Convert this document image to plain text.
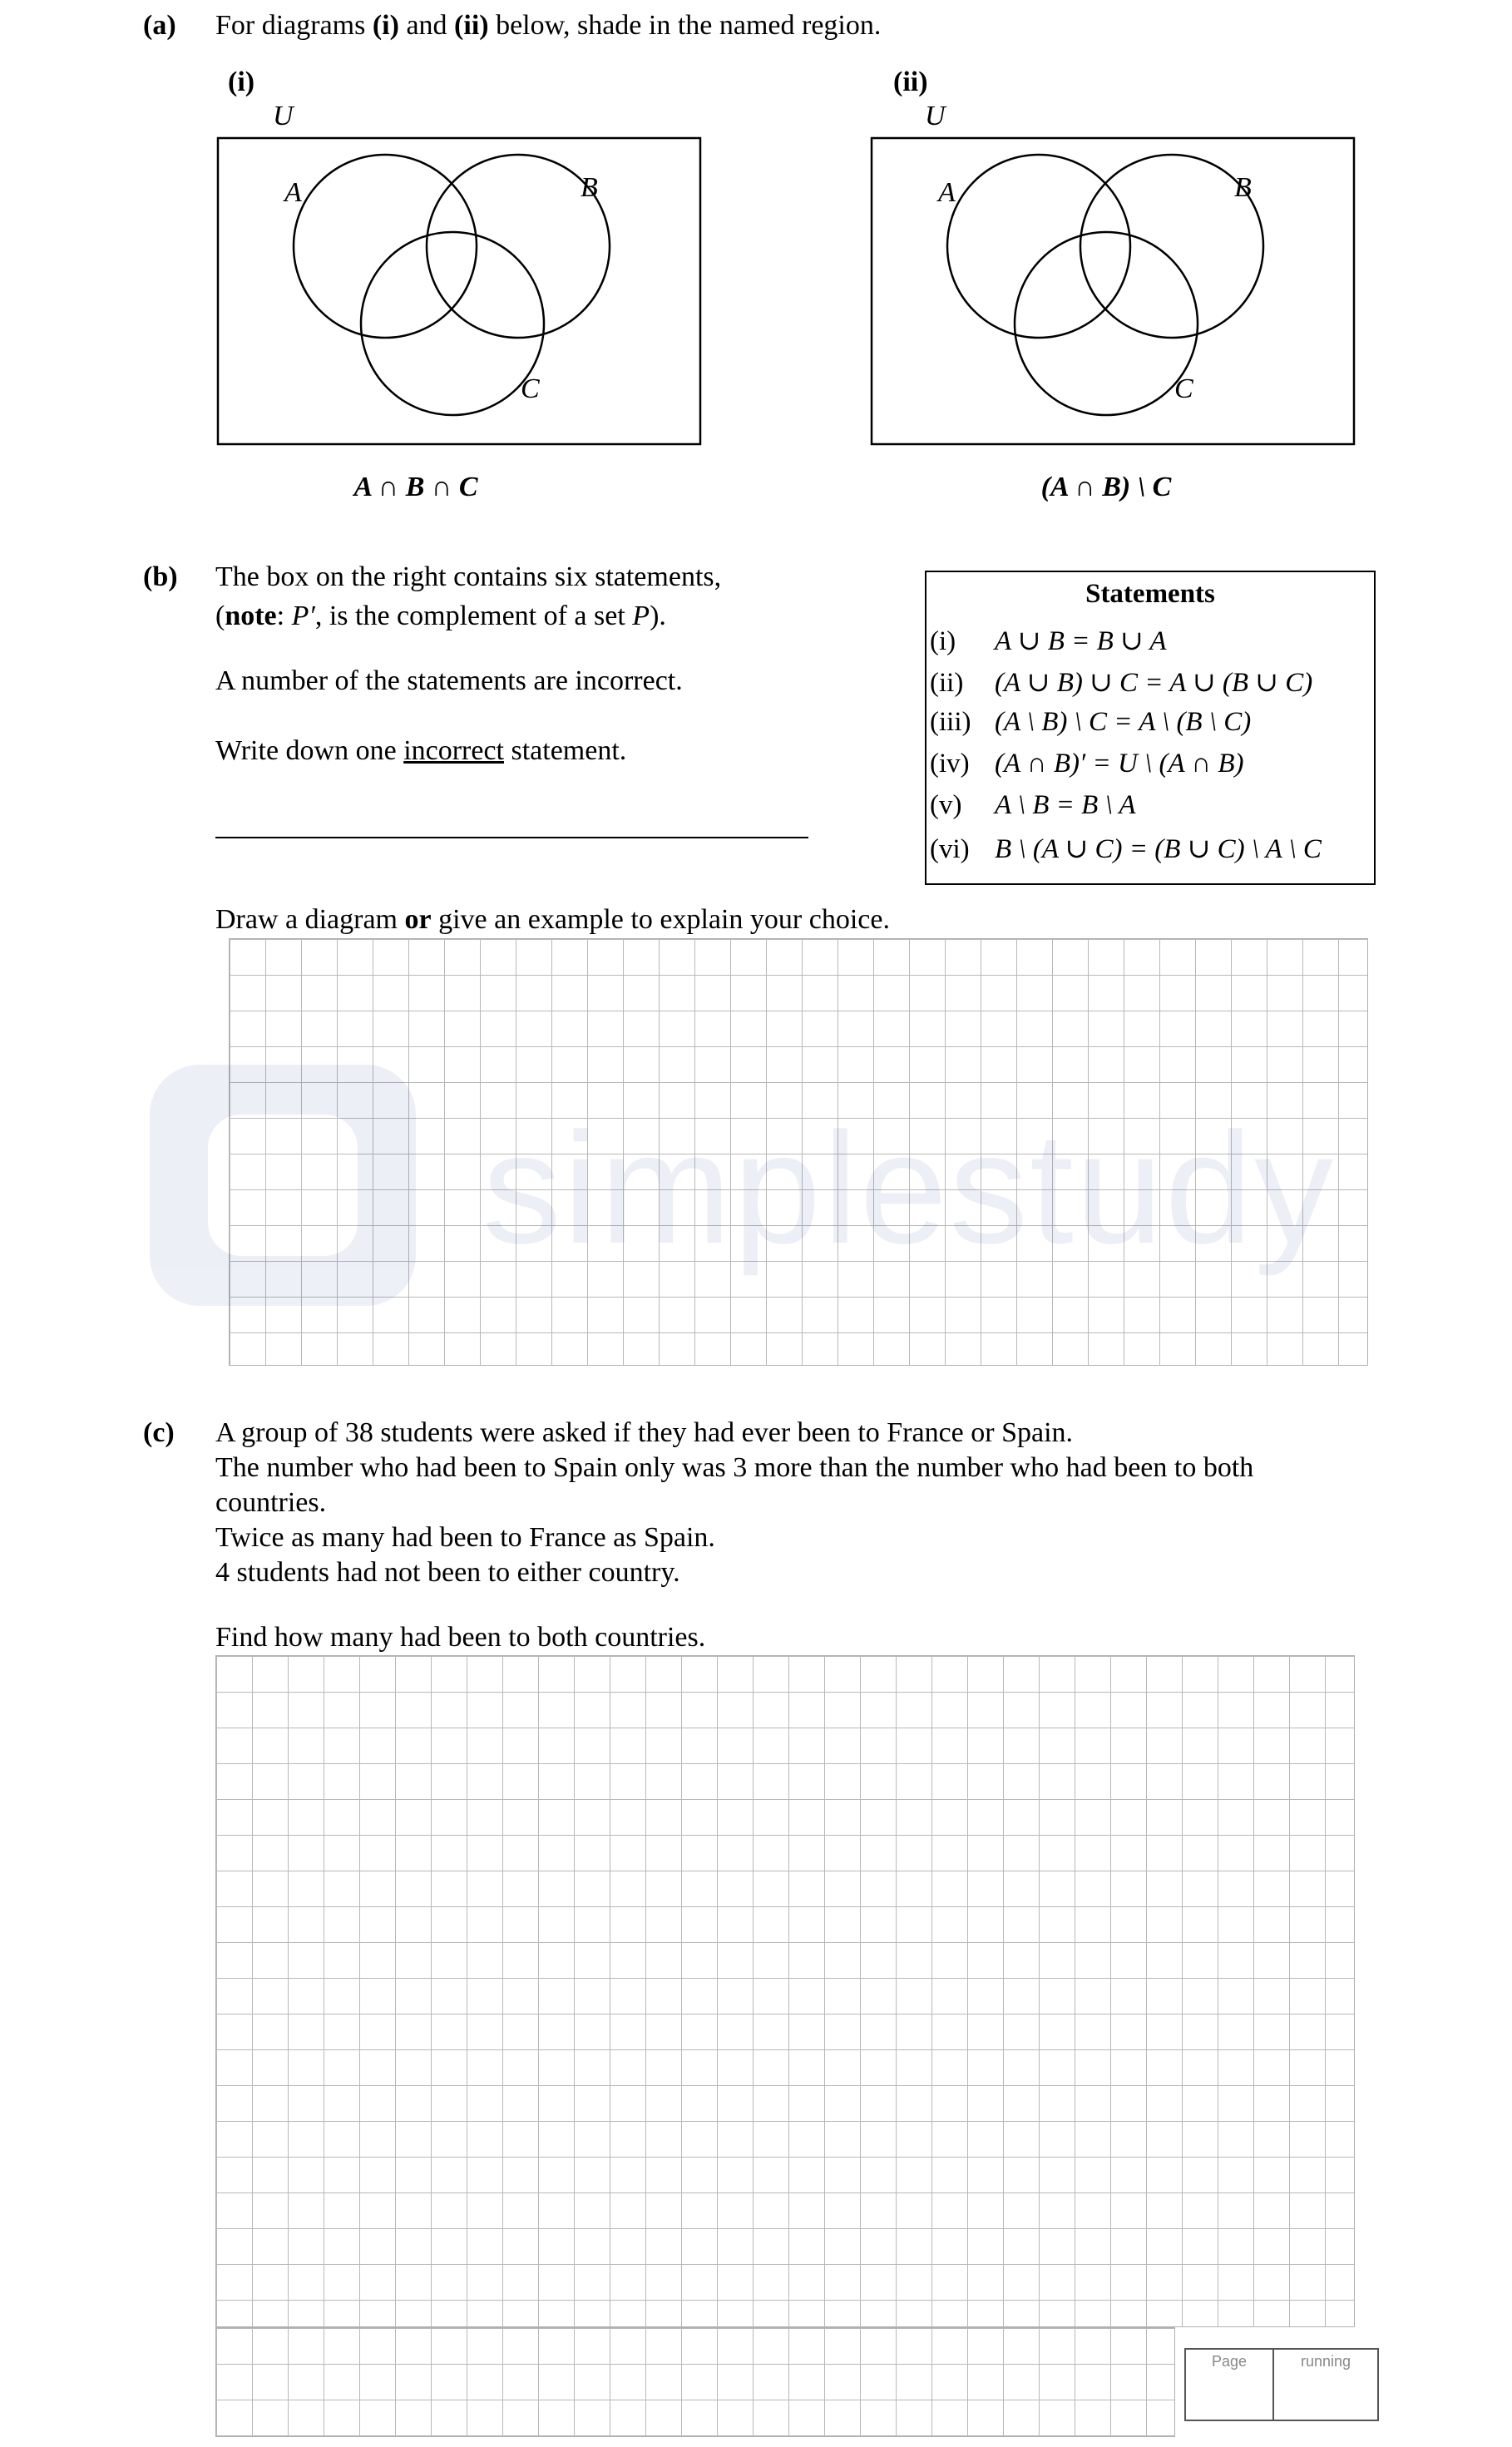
(a) For diagrams (i) and (ii) below, shade in the named region.
(i)
U
A	B
C
A ∩ B ∩ C
(ii)
U
A	B
C
(A ∩ B) \ C
(b) The box on the right contains six statements,
(note: P′, is the complement of a set P).
A number of the statements are incorrect.
Write down one incorrect statement.
Statements
(i) A ∪ B = B ∪ A
(ii) (A ∪ B) ∪ C = A ∪ (B ∪ C)
(iii) (A \ B) \ C = A \ (B \ C)
(iv) (A ∩ B)′ = U \ (A ∩ B)
(v) A \ B = B \ A
(vi) B \ (A ∪ C) = (B ∪ C) \ A \ C
Draw a diagram or give an example to explain your choice.
(c) A group of 38 students were asked if they had ever been to France or Spain.
The number who had been to Spain only was 3 more than the number who had been to both
countries.
Twice as many had been to France as Spain.
4 students had not been to either country.
Find how many had been to both countries.
Page	running
